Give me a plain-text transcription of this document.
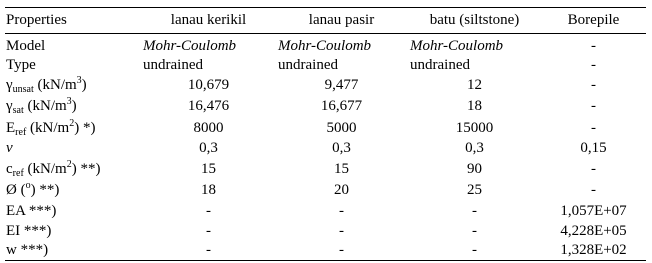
Properties	lanau kerikil	lanau pasir	batu (siltstone)	Borepile
Model	Mohr-Coulomb	Mohr-Coulomb	Mohr-Coulomb	-
Type	undrained	undrained	undrained	-
$\gamma_{unsat}$ $(kN/m^3)$	10,679	9,477	12	-
$\gamma_{sat}$ $(kN/m^3)$	16,476	16,677	18	-
$E_{ref}$ $(kN/m^2)$ *)	8000	5000	15000	-
v	0,3	0,3	0,3	0,15
$c_{ref}$ $(kN/m^2)$ **)	15	15	90	-
Ø ($^o$) **)	18	20	25	-
EA ***)	-	-	-	1,057E+07
EI ***)	-	-	-	4,228E+05
w ***)	-	-	-	1,328E+02
